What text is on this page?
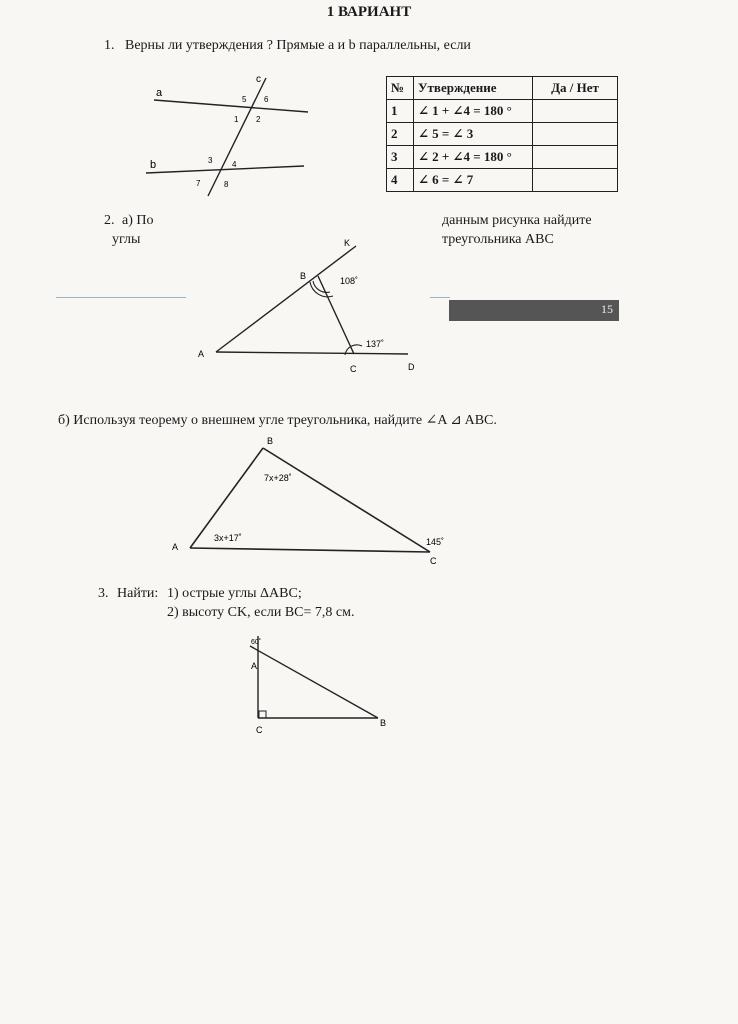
1 ВАРИАНТ
1. Верны ли утверждения ? Прямые a и b параллельны, если
a
b
c
5 6
1 2
3 4
7	8
№	Утверждение	Да / Нет
1	∠ 1 + ∠4 = 180 °	
2	∠ 5 = ∠ 3	
3	∠ 2 + ∠4 = 180 °	
4	∠ 6 = ∠ 7	
2. а) По
углы
данным рисунка найдите
треугольника ABC
15
K
B
A
C	D
108˚
137˚
б) Используя теорему о внешнем угле треугольника, найдите ∠A ⊿ ABC.
B
A
C
7x+28˚
3x+17˚	145˚
3. Найти: 1) острые углы ΔABC;
2) высоту CK, если BC= 7,8 см.
60˚
A
B
C
